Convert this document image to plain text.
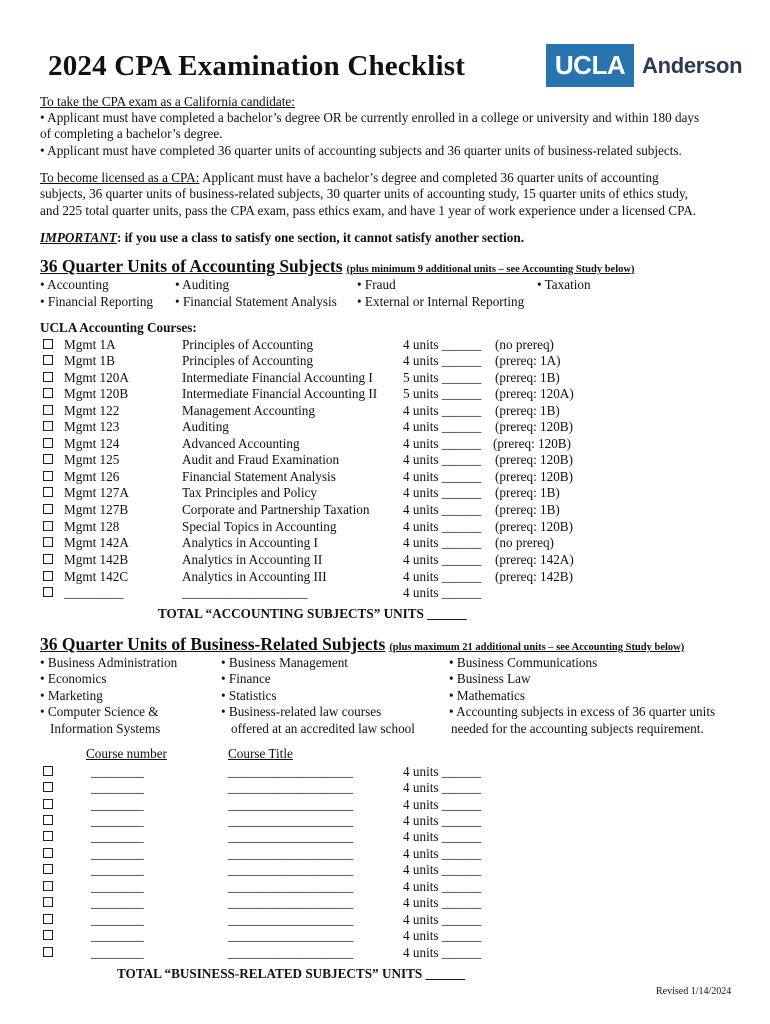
2024 CPA Examination Checklist	UCLA Anderson
To take the CPA exam as a California candidate:
• Applicant must have completed a bachelor’s degree OR be currently enrolled in a college or university and within 180 days
of completing a bachelor’s degree.
• Applicant must have completed 36 quarter units of accounting subjects and 36 quarter units of business-related subjects.
To become licensed as a CPA: Applicant must have a bachelor’s degree and completed 36 quarter units of accounting
subjects, 36 quarter units of business-related subjects, 30 quarter units of accounting study, 15 quarter units of ethics study,
and 225 total quarter units, pass the CPA exam, pass ethics exam, and have 1 year of work experience under a licensed CPA.
IMPORTANT: if you use a class to satisfy one section, it cannot satisfy another section.
36 Quarter Units of Accounting Subjects (plus minimum 9 additional units – see Accounting Study below)
• Accounting	• Auditing	• Fraud	• Taxation
• Financial Reporting • Financial Statement Analysis • External or Internal Reporting
UCLA Accounting Courses:
Mgmt 1A	Principles of Accounting	4 units ______ (no prereq)
Mgmt 1B	Principles of Accounting	4 units ______ (prereq: 1A)
Mgmt 120A	Intermediate Financial Accounting I 5 units ______ (prereq: 1B)
Mgmt 120B	Intermediate Financial Accounting II 5 units ______ (prereq: 120A)
Mgmt 122	Management Accounting	4 units ______ (prereq: 1B)
Mgmt 123	Auditing	4 units ______ (prereq: 120B)
Mgmt 124	Advanced Accounting	4 units ______ (prereq: 120B)
Mgmt 125	Audit and Fraud Examination	4 units ______ (prereq: 120B)
Mgmt 126	Financial Statement Analysis	4 units ______ (prereq: 120B)
Mgmt 127A	Tax Principles and Policy	4 units ______ (prereq: 1B)
Mgmt 127B	Corporate and Partnership Taxation	4 units ______ (prereq: 1B)
Mgmt 128	Special Topics in Accounting	4 units ______ (prereq: 120B)
Mgmt 142A	Analytics in Accounting I	4 units ______ (no prereq)
Mgmt 142B	Analytics in Accounting II	4 units ______ (prereq: 142A)
Mgmt 142C	Analytics in Accounting III	4 units ______ (prereq: 142B)
_________	___________________	4 units ______
TOTAL “ACCOUNTING SUBJECTS” UNITS ______
36 Quarter Units of Business-Related Subjects (plus maximum 21 additional units – see Accounting Study below)
• Business Administration
• Economics
• Marketing
• Computer Science &
Information Systems
• Business Management
• Finance
• Statistics
• Business-related law courses
offered at an accredited law school
• Business Communications
• Business Law
• Mathematics
• Accounting subjects in excess of 36 quarter units
needed for the accounting subjects requirement.
Course number	Course Title
________	___________________	4 units ______
________	___________________	4 units ______
________	___________________	4 units ______
________	___________________	4 units ______
________	___________________	4 units ______
________	___________________	4 units ______
________	___________________	4 units ______
________	___________________	4 units ______
________	___________________	4 units ______
________	___________________	4 units ______
________	___________________	4 units ______
________	___________________	4 units ______
TOTAL “BUSINESS-RELATED SUBJECTS” UNITS ______
Revised 1/14/2024
